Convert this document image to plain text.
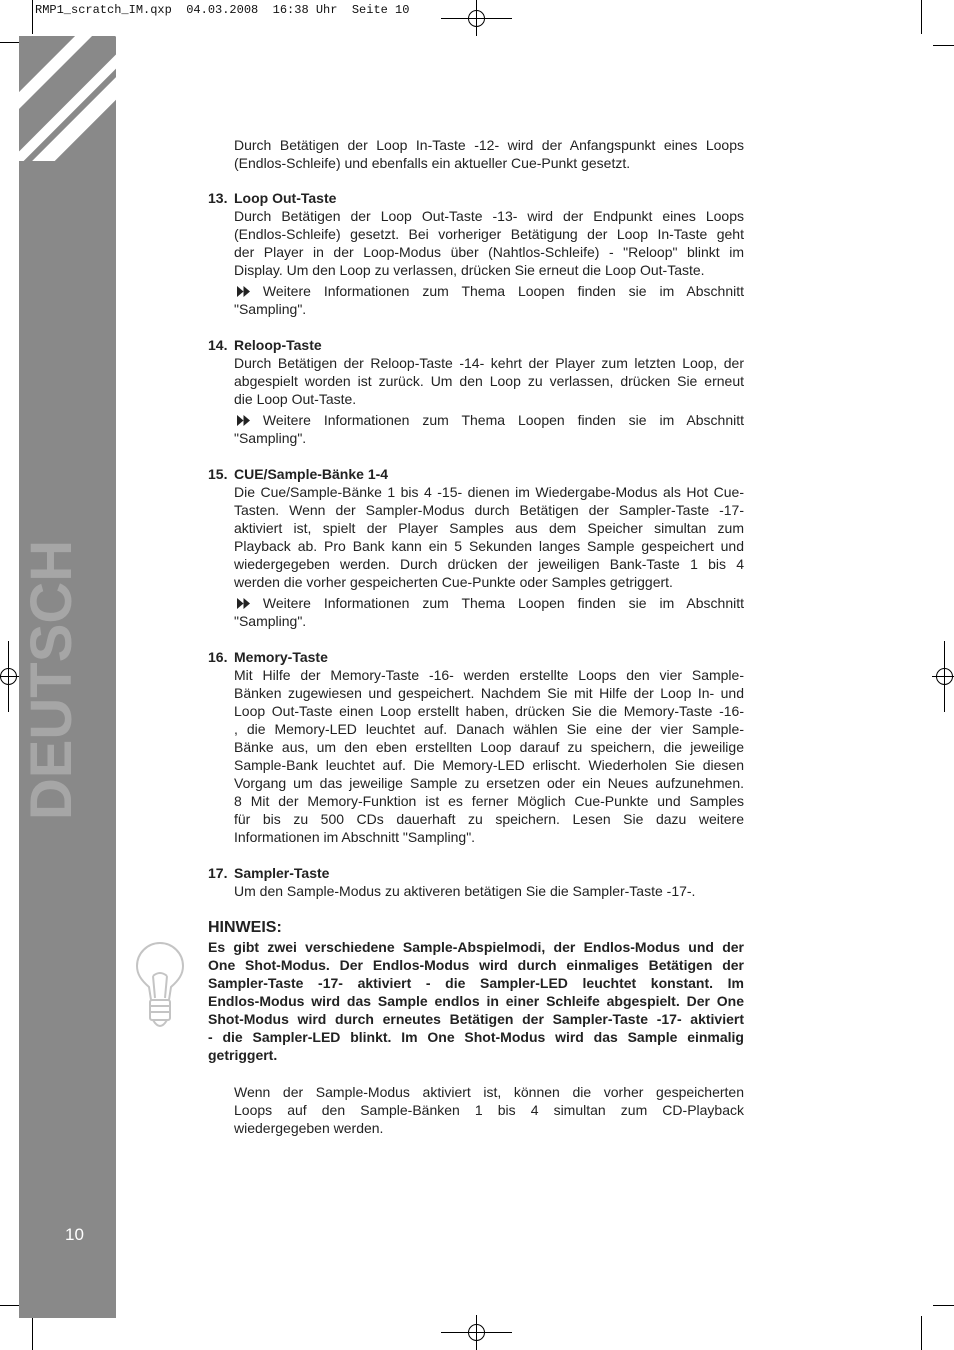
RMP1_scratch_IM.qxp  04.03.2008  16:38 Uhr  Seite 10
DEUTSCH
10
Durch Betätigen der Loop In-Taste -12- wird der Anfangspunkt eines Loops
(Endlos-Schleife) und ebenfalls ein aktueller Cue-Punkt gesetzt.
13. Loop Out-Taste
Durch Betätigen der Loop Out-Taste -13- wird der Endpunkt eines Loops
(Endlos-Schleife) gesetzt. Bei vorheriger Betätigung der Loop In-Taste geht
der Player in der Loop-Modus über (Nahtlos-Schleife) - "Reloop" blinkt im
Display. Um den Loop zu verlassen, drücken Sie erneut die Loop Out-Taste.
Weitere Informationen zum Thema Loopen finden sie im Abschnitt
"Sampling".
14. Reloop-Taste
Durch Betätigen der Reloop-Taste -14- kehrt der Player zum letzten Loop, der
abgespielt worden ist zurück. Um den Loop zu verlassen, drücken Sie erneut
die Loop Out-Taste.
Weitere Informationen zum Thema Loopen finden sie im Abschnitt
"Sampling".
15. CUE/Sample-Bänke 1-4
Die Cue/Sample-Bänke 1 bis 4 -15- dienen im Wiedergabe-Modus als Hot Cue-
Tasten. Wenn der Sampler-Modus durch Betätigen der Sampler-Taste -17-
aktiviert ist, spielt der Player Samples aus dem Speicher simultan zum
Playback ab. Pro Bank kann ein 5 Sekunden langes Sample gespeichert und
wiedergegeben werden. Durch drücken der jeweiligen Bank-Taste 1 bis 4
werden die vorher gespeicherten Cue-Punkte oder Samples getriggert.
Weitere Informationen zum Thema Loopen finden sie im Abschnitt
"Sampling".
16. Memory-Taste
Mit Hilfe der Memory-Taste -16- werden erstellte Loops den vier Sample-
Bänken zugewiesen und gespeichert. Nachdem Sie mit Hilfe der Loop In- und
Loop Out-Taste einen Loop erstellt haben, drücken Sie die Memory-Taste -16-
, die Memory-LED leuchtet auf. Danach wählen Sie eine der vier Sample-
Bänke aus, um den eben erstellten Loop darauf zu speichern, die jeweilige
Sample-Bank leuchtet auf. Die Memory-LED erlischt. Wiederholen Sie diesen
Vorgang um das jeweilige Sample zu ersetzen oder ein Neues aufzunehmen.
8 Mit der Memory-Funktion ist es ferner Möglich Cue-Punkte und Samples
für bis zu 500 CDs dauerhaft zu speichern. Lesen Sie dazu weitere
Informationen im Abschnitt "Sampling".
17. Sampler-Taste
Um den Sample-Modus zu aktiveren betätigen Sie die Sampler-Taste -17-.
HINWEIS:
Es gibt zwei verschiedene Sample-Abspielmodi, der Endlos-Modus und der
One Shot-Modus. Der Endlos-Modus wird durch einmaliges Betätigen der
Sampler-Taste -17- aktiviert - die Sampler-LED leuchtet konstant. Im
Endlos-Modus wird das Sample endlos in einer Schleife abgespielt. Der One
Shot-Modus wird durch erneutes Betätigen der Sampler-Taste -17- aktiviert
- die Sampler-LED blinkt. Im One Shot-Modus wird das Sample einmalig
getriggert.
Wenn der Sample-Modus aktiviert ist, können die vorher gespeicherten
Loops auf den Sample-Bänken 1 bis 4 simultan zum CD-Playback
wiedergegeben werden.
